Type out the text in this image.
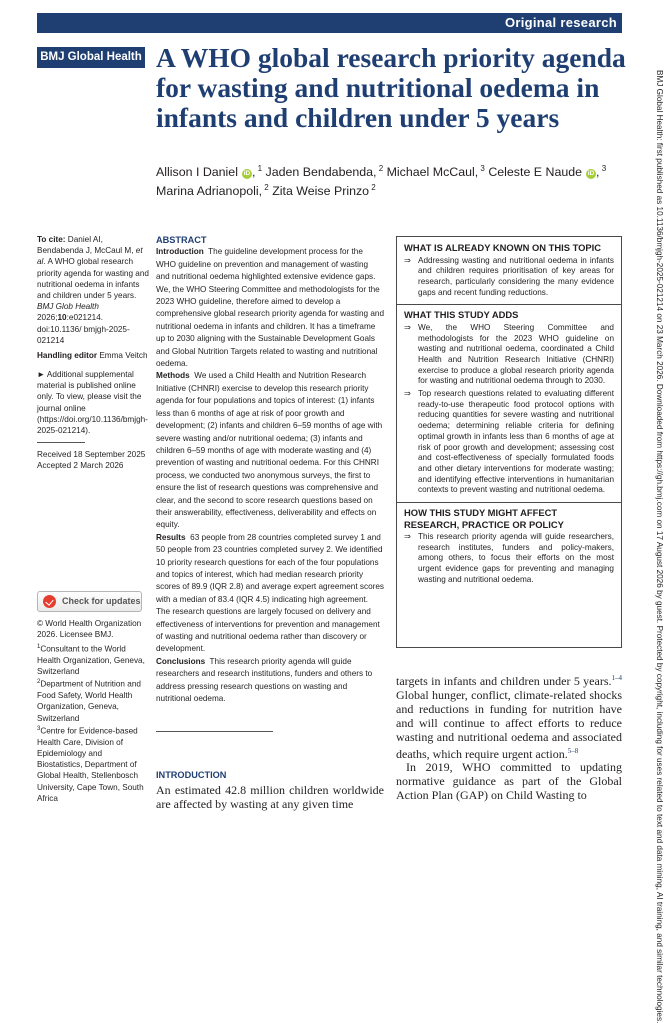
Original research
BMJ Global Health A WHO global research priority agenda for wasting and nutritional oedema in infants and children under 5 years
Allison I Daniel iD , $^1$ Jaden Bendabenda, $^2$ Michael McCaul, $^3$ Celeste E Naude iD , $^3$
Marina Adrianopoli, $^2$ Zita Weise Prinzo $^2$
To cite: Daniel AI, Bendabenda J, McCaul M, et al. A WHO global research priority agenda for wasting and nutritional oedema in infants and children under 5 years. BMJ Glob Health 2026;10:e021214. doi:10.1136/ bmjgh-2025-021214
Handling editor Emma Veitch
► Additional supplemental material is published online only. To view, please visit the journal online (https://doi.org/10.1136/bmjgh-2025-021214).
Received 18 September 2025
Accepted 2 March 2026
Check for updates
© World Health Organization 2026. Licensee BMJ.
$^1$Consultant to the World Health Organization, Geneva, Switzerland
$^2$Department of Nutrition and Food Safety, World Health Organization, Geneva, Switzerland
$^3$Centre for Evidence-based Health Care, Division of Epidemiology and Biostatistics, Department of Global Health, Stellenbosch University, Cape Town, South Africa
ABSTRACT

Introduction The guideline development process for the WHO guideline on prevention and management of wasting and nutritional oedema highlighted extensive evidence gaps. We, the WHO Steering Committee and methodologists for the 2023 WHO guideline, therefore aimed to develop a comprehensive global research priority agenda for wasting and nutritional oedema in infants and children. It has a timeframe up to 2030 aligning with the Sustainable Development Goals and Global Nutrition Targets related to wasting and nutritional oedema.

Methods We used a Child Health and Nutrition Research Initiative (CHNRI) exercise to develop this research priority agenda for four populations and topics of interest: (1) infants less than 6 months of age at risk of poor growth and development; (2) infants and children 6–59 months of age with severe wasting and/or nutritional oedema; (3) infants and children 6–59 months of age with moderate wasting and (4) prevention of wasting and nutritional oedema. For this CHNRI process, we conducted two anonymous surveys, the first to ensure the list of research questions was comprehensive and clear, and the second to score research questions based on their answerability, effectiveness, deliverability and effects on equity.

Results 63 people from 28 countries completed survey 1 and 50 people from 23 countries completed survey 2. We identified 10 priority research questions for each of the four populations and topics of interest, which had median research priority scores of 89.9 (IQR 2.8) and average expert agreement scores with a median of 83.4 (IQR 4.5) indicating high agreement. The research questions are largely focused on delivery and effectiveness of interventions for prevention and management of wasting and nutritional oedema rather than discovery or development.

Conclusions This research priority agenda will guide researchers and research institutions, funders and others to address pressing research questions on wasting and nutritional oedema.

INTRODUCTION
An estimated 42.8 million children worldwide are affected by wasting at any given time
WHAT IS ALREADY KNOWN ON THIS TOPIC
⇒ Addressing wasting and nutritional oedema in infants and children requires prioritisation of key areas for research, particularly considering the many evidence gaps and recent funding reductions.
WHAT THIS STUDY ADDS
⇒ We, the WHO Steering Committee and methodologists for the 2023 WHO guideline on wasting and nutritional oedema, coordinated a Child Health and Nutrition Research Initiative (CHNRI) exercise to produce a global research priority agenda for wasting and nutritional oedema through to 2030.
⇒ Top research questions related to evaluating different ready-to-use therapeutic food protocol options with reducing quantities for severe wasting and nutritional oedema; determining reliable criteria for defining optimal growth in infants less than 6 months of age at risk of poor growth and development; assessing cost and cost-effectiveness of specially formulated foods and other dietary interventions for moderate wasting; and identifying effective interventions in humanitarian contexts to prevent wasting and nutritional oedema.
HOW THIS STUDY MIGHT AFFECT RESEARCH, PRACTICE OR POLICY
⇒ This research priority agenda will guide researchers, research institutes, funders and policy-makers, among others, to focus their efforts on the most urgent evidence gaps for preventing and managing wasting and nutritional oedema.

targets in infants and children under 5 years.$^{1-4}$ Global hunger, conflict, climate-related shocks and reductions in funding for nutrition have and will continue to affect efforts to reduce wasting and nutritional oedema and associated deaths, which require urgent action.$^{5-8}$

In 2019, WHO committed to updating normative guidance as part of the Global Action Plan (GAP) on Child Wasting to	BMJ Global Health: first published as 10.1136/bmjgh-2025-021214 on 23 March 2026. Downloaded from https://gh.bmj.com on 17 August 2026 by guest. Protected by copyright, including for uses related to text and data mining, AI training, and similar technologies.
